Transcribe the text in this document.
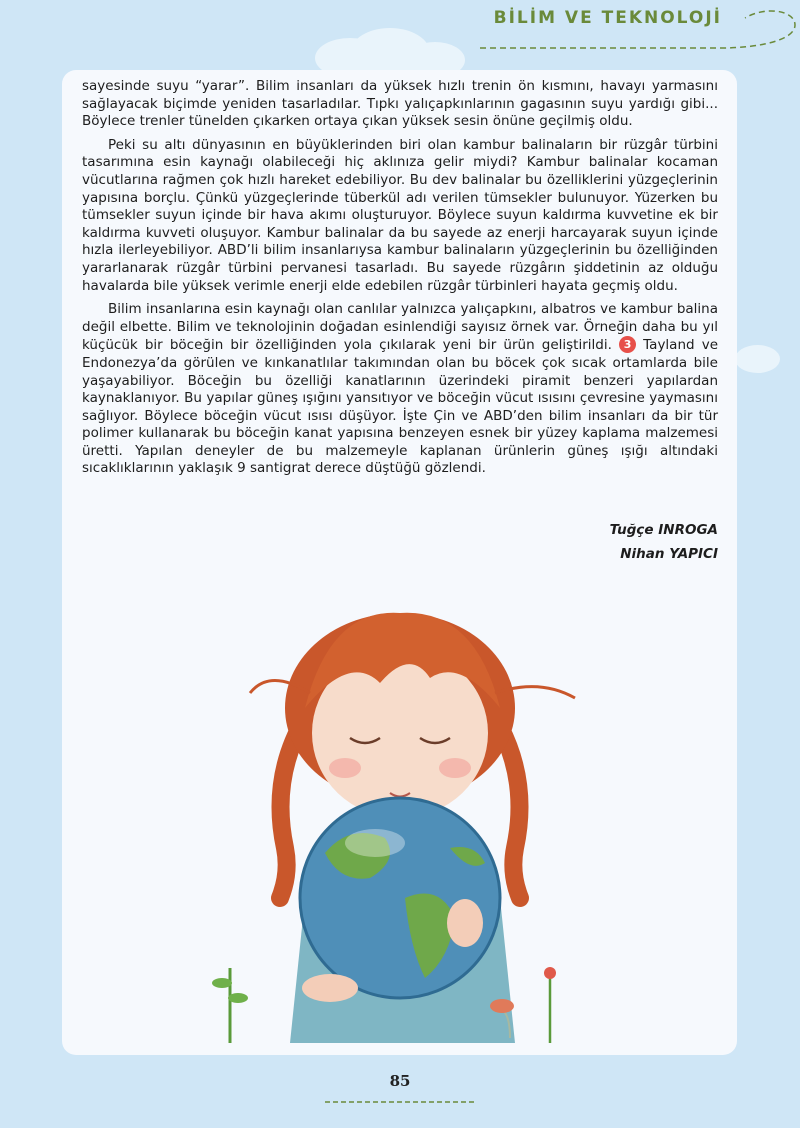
BİLİM VE TEKNOLOJİ

sayesinde suyu “yarar”. Bilim insanları da yüksek hızlı trenin ön kısmını, havayı yarmasını sağlayacak biçimde yeniden tasarladılar. Tıpkı yalıçapkınlarının gagasının suyu yardığı gibi... Böylece trenler tünelden çıkarken ortaya çıkan yüksek sesin önüne geçilmiş oldu.

Peki su altı dünyasının en büyüklerinden biri olan kambur balinaların bir rüzgâr türbini tasarımına esin kaynağı olabileceği hiç aklınıza gelir miydi? Kambur balinalar kocaman vücutlarına rağmen çok hızlı hareket edebiliyor. Bu dev balinalar bu özelliklerini yüzgeçlerinin yapısına borçlu. Çünkü yüzgeçlerinde tüberkül adı verilen tümsekler bulunuyor. Yüzerken bu tümsekler suyun içinde bir hava akımı oluşturuyor. Böylece suyun kaldırma kuvvetine ek bir kaldırma kuvveti oluşuyor. Kambur balinalar da bu sayede az enerji harcayarak suyun içinde hızla ilerleyebiliyor. ABD’li bilim insanlarıysa kambur balinaların yüzgeçlerinin bu özelliğinden yararlanarak rüzgâr türbini pervanesi tasarladı. Bu sayede rüzgârın şiddetinin az olduğu havalarda bile yüksek verimle enerji elde edebilen rüzgâr türbinleri hayata geçmiş oldu.

Bilim insanlarına esin kaynağı olan canlılar yalnızca yalıçapkını, albatros ve kambur balina değil elbette. Bilim ve teknolojinin doğadan esinlendiği sayısız örnek var. Örneğin daha bu yıl küçücük bir böceğin bir özelliğinden yola çıkılarak yeni bir ürün geliştirildi. 3 Tayland ve Endonezya’da görülen ve kınkanatlılar takımından olan bu böcek çok sıcak ortamlarda bile yaşayabiliyor. Böceğin bu özelliği kanatlarının üzerindeki piramit benzeri yapılardan kaynaklanıyor. Bu yapılar güneş ışığını yansıtıyor ve böceğin vücut ısısını çevresine yaymasını sağlıyor. Böylece böceğin vücut ısısı düşüyor. İşte Çin ve ABD’den bilim insanları da bir tür polimer kullanarak bu böceğin kanat yapısına benzeyen esnek bir yüzey kaplama malzemesi üretti. Yapılan deneyler de bu malzemeyle kaplanan ürünlerin güneş ışığı altındaki sıcaklıklarının yaklaşık 9 santigrat derece düştüğü gözlendi.

Tuğçe INROGA
Nihan YAPICI
85
